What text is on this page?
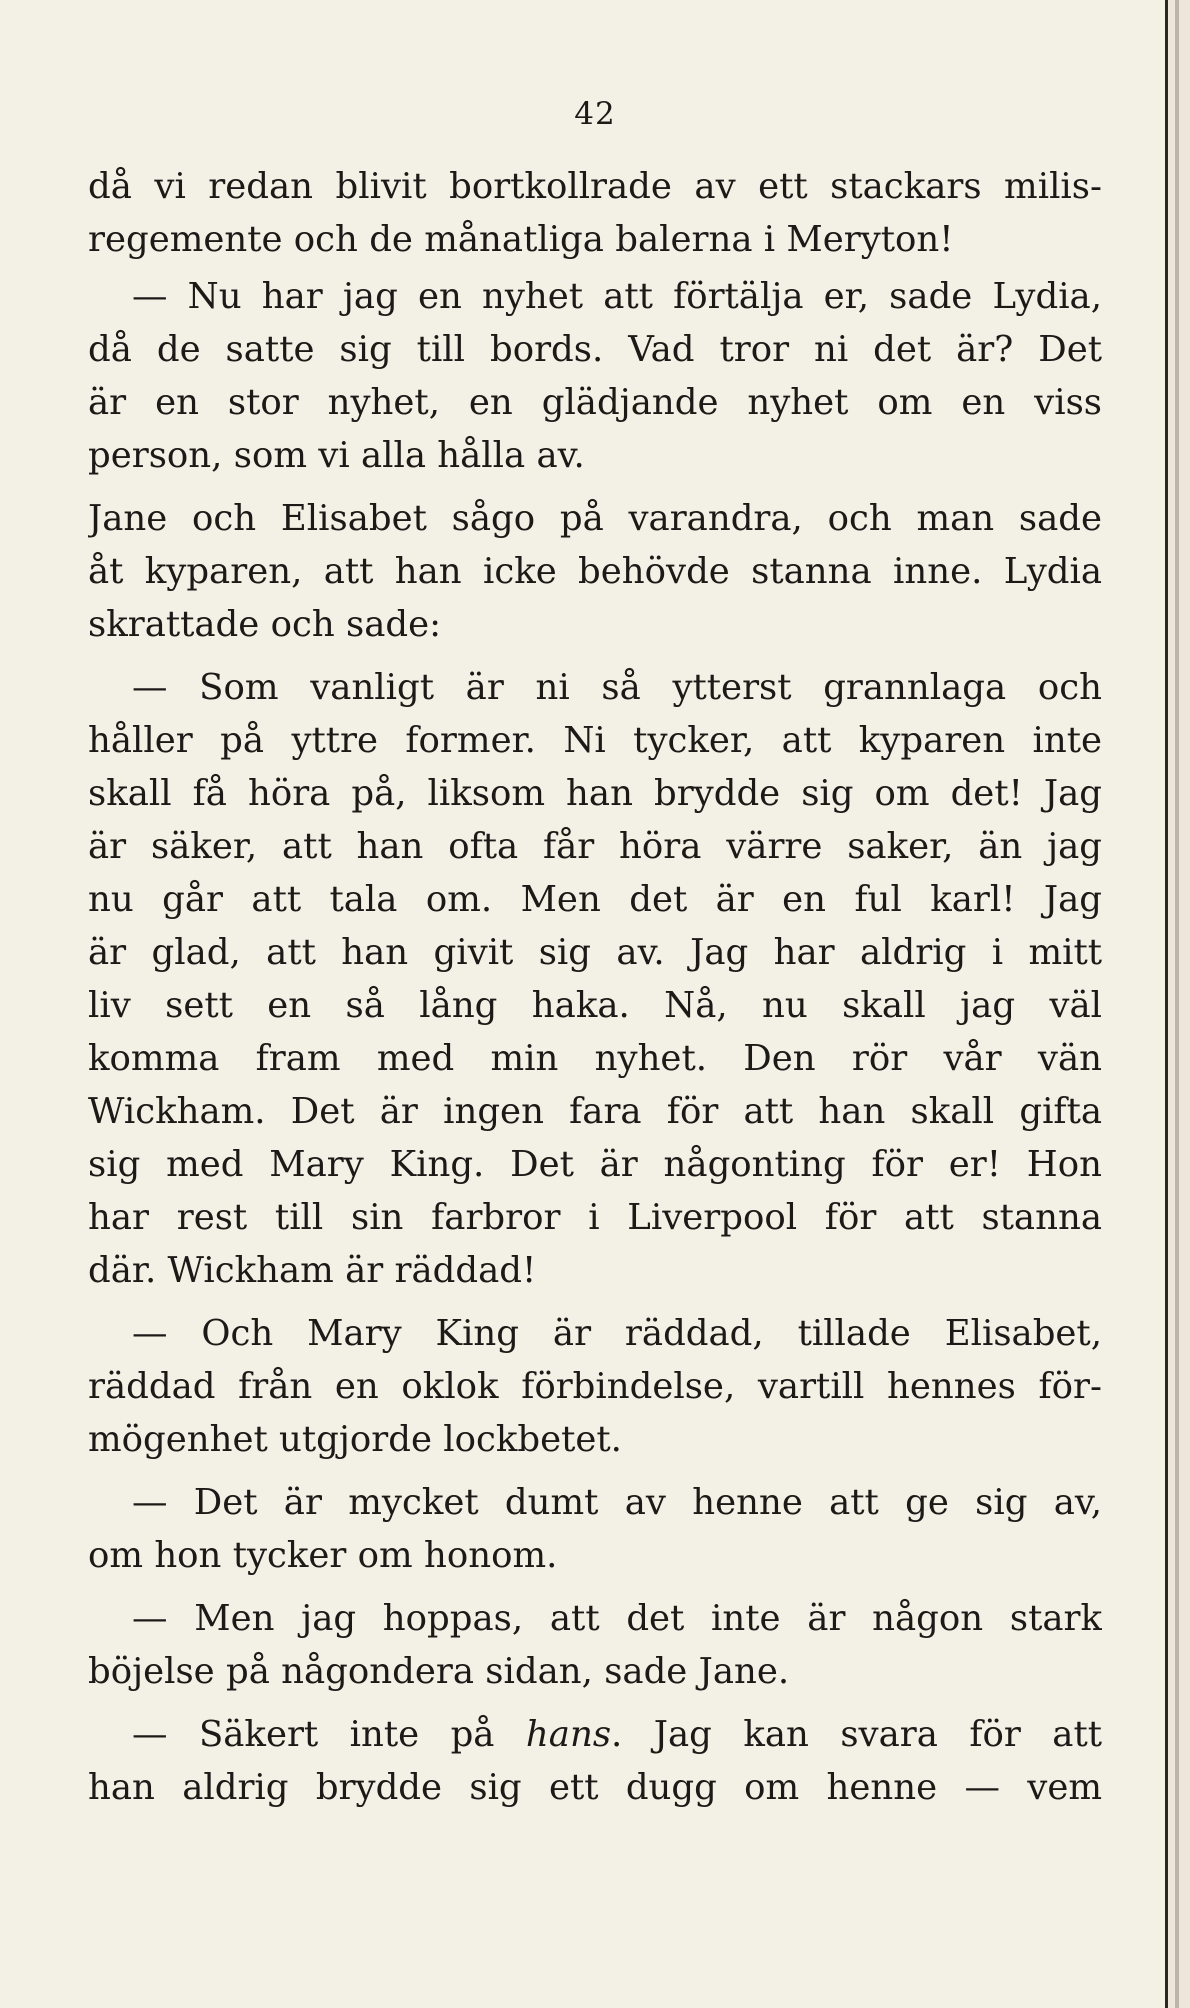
42
då vi redan blivit bortkollrade av ett stackars milis-
regemente och de månatliga balerna i Meryton!
— Nu har jag en nyhet att förtälja er, sade Lydia,
då de satte sig till bords. Vad tror ni det är? Det
är en stor nyhet, en glädjande nyhet om en viss
person, som vi alla hålla av.
Jane och Elisabet sågo på varandra, och man sade
åt kyparen, att han icke behövde stanna inne. Lydia
skrattade och sade:
— Som vanligt är ni så ytterst grannlaga och
håller på yttre former. Ni tycker, att kyparen inte
skall få höra på, liksom han brydde sig om det! Jag
är säker, att han ofta får höra värre saker, än jag
nu går att tala om. Men det är en ful karl! Jag
är glad, att han givit sig av. Jag har aldrig i mitt
liv sett en så lång haka. Nå, nu skall jag väl
komma fram med min nyhet. Den rör vår vän
Wickham. Det är ingen fara för att han skall gifta
sig med Mary King. Det är någonting för er! Hon
har rest till sin farbror i Liverpool för att stanna
där. Wickham är räddad!
— Och Mary King är räddad, tillade Elisabet,
räddad från en oklok förbindelse, vartill hennes för-
mögenhet utgjorde lockbetet.
— Det är mycket dumt av henne att ge sig av,
om hon tycker om honom.
— Men jag hoppas, att det inte är någon stark
böjelse på någondera sidan, sade Jane.
— Säkert inte på hans. Jag kan svara för att
han aldrig brydde sig ett dugg om henne — vem
